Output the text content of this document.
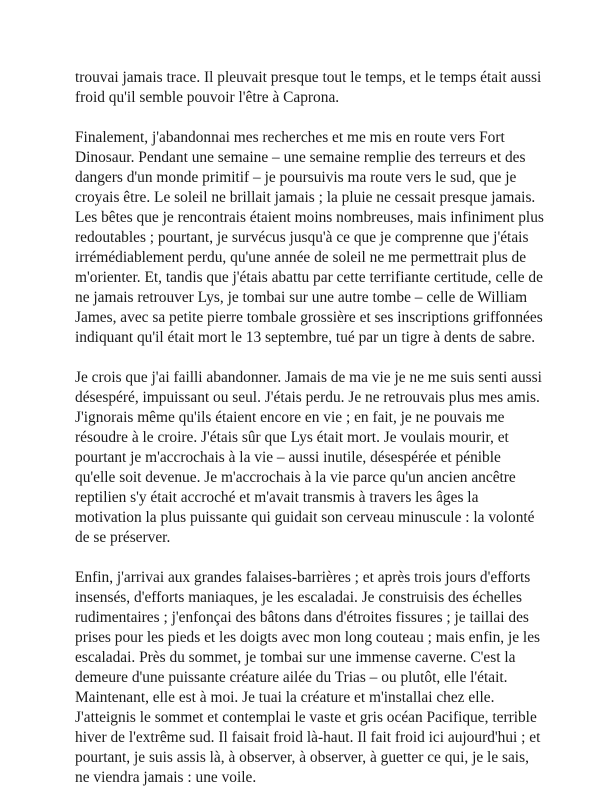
trouvai jamais trace. Il pleuvait presque tout le temps, et le temps était aussi
froid qu'il semble pouvoir l'être à Caprona.

Finalement, j'abandonnai mes recherches et me mis en route vers Fort
Dinosaur. Pendant une semaine – une semaine remplie des terreurs et des
dangers d'un monde primitif – je poursuivis ma route vers le sud, que je
croyais être. Le soleil ne brillait jamais ; la pluie ne cessait presque jamais.
Les bêtes que je rencontrais étaient moins nombreuses, mais infiniment plus
redoutables ; pourtant, je survécus jusqu'à ce que je comprenne que j'étais
irrémédiablement perdu, qu'une année de soleil ne me permettrait plus de
m'orienter. Et, tandis que j'étais abattu par cette terrifiante certitude, celle de
ne jamais retrouver Lys, je tombai sur une autre tombe – celle de William
James, avec sa petite pierre tombale grossière et ses inscriptions griffonnées
indiquant qu'il était mort le 13 septembre, tué par un tigre à dents de sabre.

Je crois que j'ai failli abandonner. Jamais de ma vie je ne me suis senti aussi
désespéré, impuissant ou seul. J'étais perdu. Je ne retrouvais plus mes amis.
J'ignorais même qu'ils étaient encore en vie ; en fait, je ne pouvais me
résoudre à le croire. J'étais sûr que Lys était mort. Je voulais mourir, et
pourtant je m'accrochais à la vie – aussi inutile, désespérée et pénible
qu'elle soit devenue. Je m'accrochais à la vie parce qu'un ancien ancêtre
reptilien s'y était accroché et m'avait transmis à travers les âges la
motivation la plus puissante qui guidait son cerveau minuscule : la volonté
de se préserver.

Enfin, j'arrivai aux grandes falaises-barrières ; et après trois jours d'efforts
insensés, d'efforts maniaques, je les escaladai. Je construisis des échelles
rudimentaires ; j'enfonçai des bâtons dans d'étroites fissures ; je taillai des
prises pour les pieds et les doigts avec mon long couteau ; mais enfin, je les
escaladai. Près du sommet, je tombai sur une immense caverne. C'est la
demeure d'une puissante créature ailée du Trias – ou plutôt, elle l'était.
Maintenant, elle est à moi. Je tuai la créature et m'installai chez elle.
J'atteignis le sommet et contemplai le vaste et gris océan Pacifique, terrible
hiver de l'extrême sud. Il faisait froid là-haut. Il fait froid ici aujourd'hui ; et
pourtant, je suis assis là, à observer, à observer, à guetter ce qui, je le sais,
ne viendra jamais : une voile.
